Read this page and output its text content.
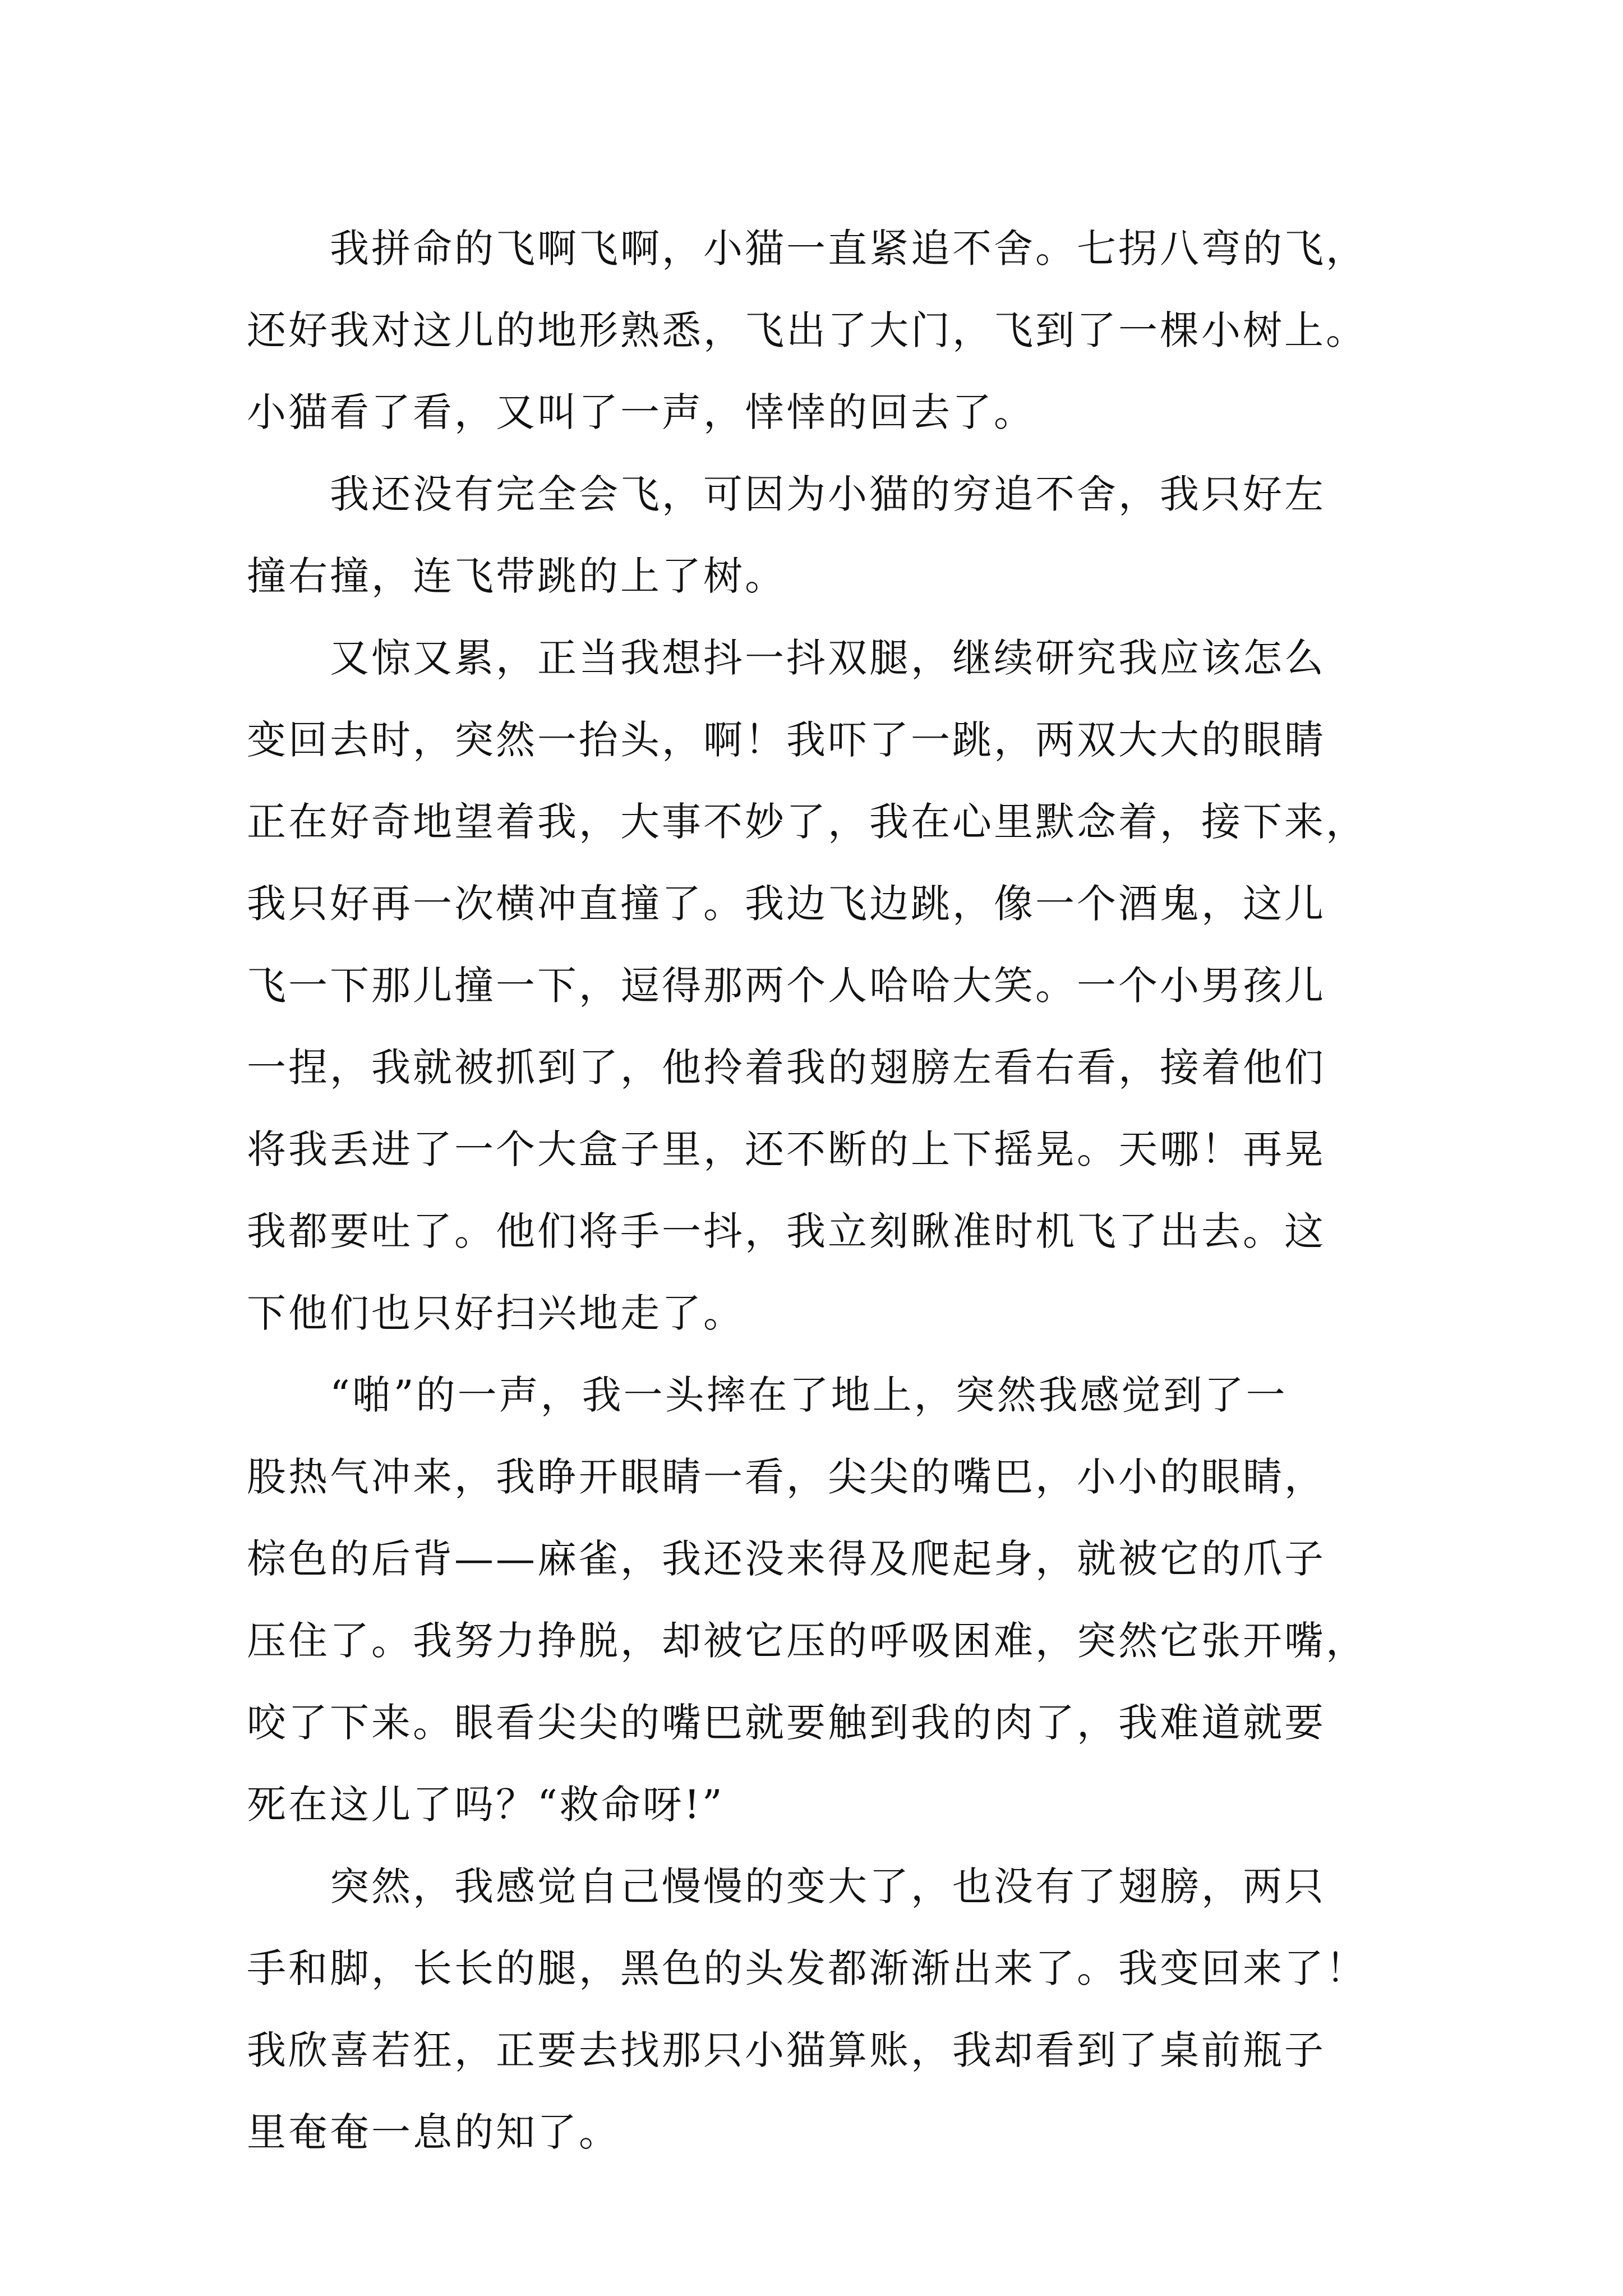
　　我拼命的飞啊飞啊，小猫一直紧追不舍。七拐八弯的飞，
还好我对这儿的地形熟悉，飞出了大门，飞到了一棵小树上。
小猫看了看，又叫了一声，悻悻的回去了。
　　我还没有完全会飞，可因为小猫的穷追不舍，我只好左
撞右撞，连飞带跳的上了树。
　　又惊又累，正当我想抖一抖双腿，继续研究我应该怎么
变回去时，突然一抬头，啊！我吓了一跳，两双大大的眼睛
正在好奇地望着我，大事不妙了，我在心里默念着，接下来，
我只好再一次横冲直撞了。我边飞边跳，像一个酒鬼，这儿
飞一下那儿撞一下，逗得那两个人哈哈大笑。一个小男孩儿
一捏，我就被抓到了，他拎着我的翅膀左看右看，接着他们
将我丢进了一个大盒子里，还不断的上下摇晃。天哪！再晃
我都要吐了。他们将手一抖，我立刻瞅准时机飞了出去。这
下他们也只好扫兴地走了。
　　“啪”的一声，我一头摔在了地上，突然我感觉到了一
股热气冲来，我睁开眼睛一看，尖尖的嘴巴，小小的眼睛，
棕色的后背——麻雀，我还没来得及爬起身，就被它的爪子
压住了。我努力挣脱，却被它压的呼吸困难，突然它张开嘴，
咬了下来。眼看尖尖的嘴巴就要触到我的肉了，我难道就要
死在这儿了吗？“救命呀!”
　　突然，我感觉自己慢慢的变大了，也没有了翅膀，两只
手和脚，长长的腿，黑色的头发都渐渐出来了。我变回来了！
我欣喜若狂，正要去找那只小猫算账，我却看到了桌前瓶子
里奄奄一息的知了。
